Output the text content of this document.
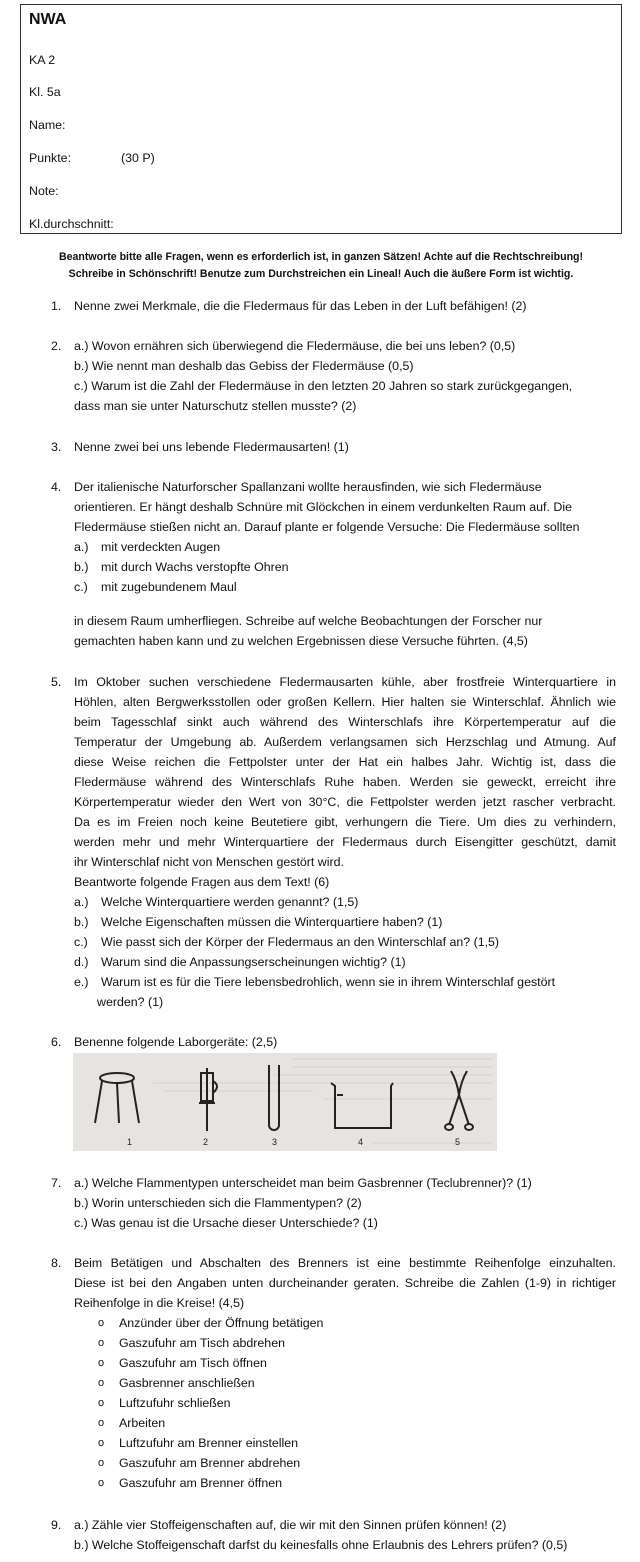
NWA
KA 2
Kl. 5a
Name:
Punkte:	(30 P)
Note:
Kl.durchschnitt:
Beantworte bitte alle Fragen, wenn es erforderlich ist, in ganzen Sätzen! Achte auf die Rechtschreibung!
Schreibe in Schönschrift! Benutze zum Durchstreichen ein Lineal! Auch die äußere Form ist wichtig.
1. Nenne zwei Merkmale, die die Fledermaus für das Leben in der Luft befähigen! (2)
2. a.) Wovon ernähren sich überwiegend die Fledermäuse, die bei uns leben? (0,5)
b.) Wie nennt man deshalb das Gebiss der Fledermäuse (0,5)
c.) Warum ist die Zahl der Fledermäuse in den letzten 20 Jahren so stark zurückgegangen,
dass man sie unter Naturschutz stellen musste? (2)
3. Nenne zwei bei uns lebende Fledermausarten! (1)
4. Der italienische Naturforscher Spallanzani wollte herausfinden, wie sich Fledermäuse
orientieren. Er hängt deshalb Schnüre mit Glöckchen in einem verdunkelten Raum auf. Die
Fledermäuse stießen nicht an. Darauf plante er folgende Versuche: Die Fledermäuse sollten
a.) mit verdeckten Augen
b.) mit durch Wachs verstopfte Ohren
c.) mit zugebundenem Maul
in diesem Raum umherfliegen. Schreibe auf welche Beobachtungen der Forscher nur
gemachten haben kann und zu welchen Ergebnissen diese Versuche führten. (4,5)
5. Im Oktober suchen verschiedene Fledermausarten kühle, aber frostfreie Winterquartiere in
Höhlen, alten Bergwerksstollen oder großen Kellern. Hier halten sie Winterschlaf. Ähnlich wie
beim Tagesschlaf sinkt auch während des Winterschlafs ihre Körpertemperatur auf die
Temperatur der Umgebung ab. Außerdem verlangsamen sich Herzschlag und Atmung. Auf
diese Weise reichen die Fettpolster unter der Hat ein halbes Jahr. Wichtig ist, dass die
Fledermäuse während des Winterschlafs Ruhe haben. Werden sie geweckt, erreicht ihre
Körpertemperatur wieder den Wert von 30°C, die Fettpolster werden jetzt rascher verbracht.
Da es im Freien noch keine Beutetiere gibt, verhungern die Tiere. Um dies zu verhindern,
werden mehr und mehr Winterquartiere der Fledermaus durch Eisengitter geschützt, damit
ihr Winterschlaf nicht von Menschen gestört wird.
Beantworte folgende Fragen aus dem Text! (6)
a.) Welche Winterquartiere werden genannt? (1,5)
b.) Welche Eigenschaften müssen die Winterquartiere haben? (1)
c.) Wie passt sich der Körper der Fledermaus an den Winterschlaf an? (1,5)
d.) Warum sind die Anpassungserscheinungen wichtig? (1)
e.) Warum ist es für die Tiere lebensbedrohlich, wenn sie in ihrem Winterschlaf gestört
werden? (1)
6. Benenne folgende Laborgeräte: (2,5)
1	2	3	4	5
7. a.) Welche Flammentypen unterscheidet man beim Gasbrenner (Teclubrenner)? (1)
b.) Worin unterschieden sich die Flammentypen? (2)
c.) Was genau ist die Ursache dieser Unterschiede? (1)
8. Beim Betätigen und Abschalten des Brenners ist eine bestimmte Reihenfolge einzuhalten.
Diese ist bei den Angaben unten durcheinander geraten. Schreibe die Zahlen (1-9) in richtiger
Reihenfolge in die Kreise! (4,5)
o Anzünder über der Öffnung betätigen
o Gaszufuhr am Tisch abdrehen
o Gaszufuhr am Tisch öffnen
o Gasbrenner anschließen
o Luftzufuhr schließen
o Arbeiten
o Luftzufuhr am Brenner einstellen
o Gaszufuhr am Brenner abdrehen
o Gaszufuhr am Brenner öffnen
9. a.) Zähle vier Stoffeigenschaften auf, die wir mit den Sinnen prüfen können! (2)
b.) Welche Stoffeigenschaft darfst du keinesfalls ohne Erlaubnis des Lehrers prüfen? (0,5)
